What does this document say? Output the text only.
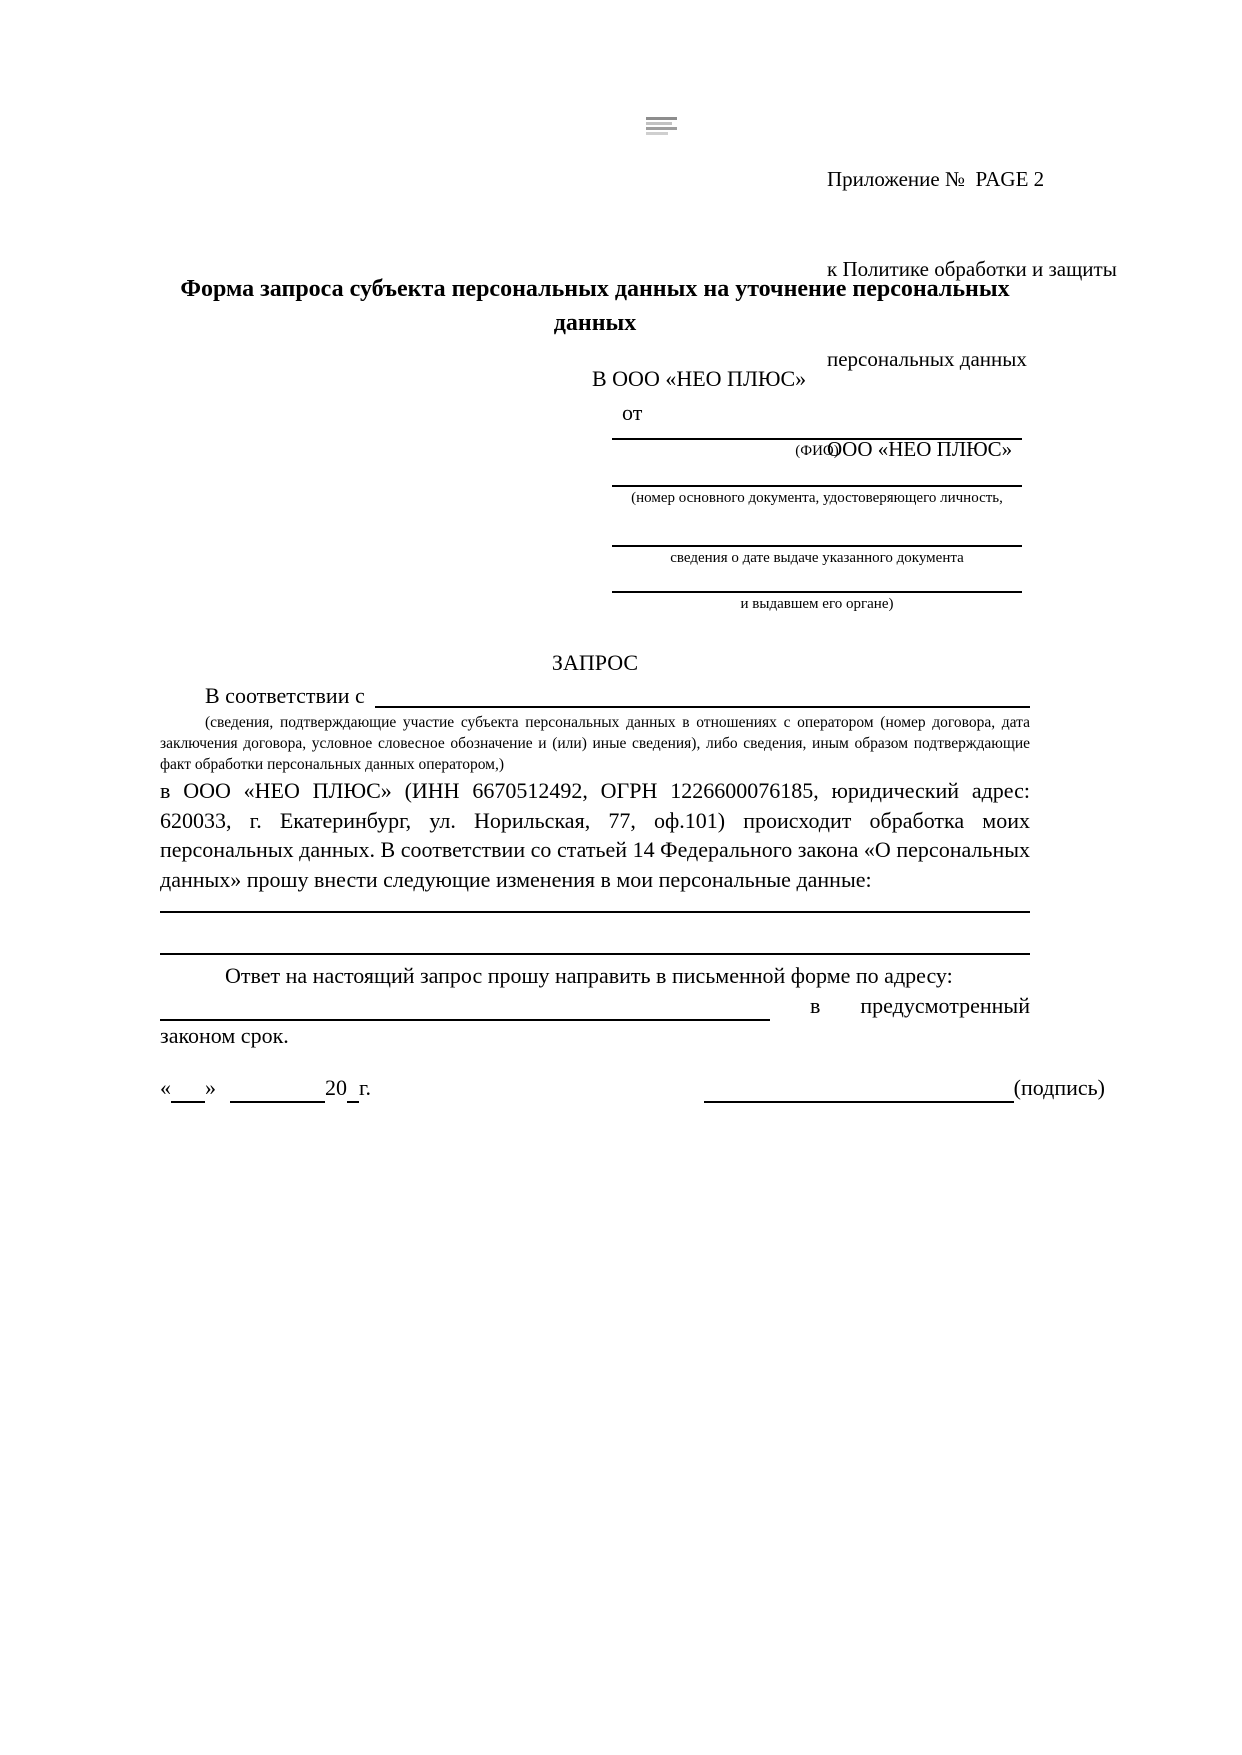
Приложение №  PAGE 2

к Политике обработки и защиты

персональных данных

ООО «НЕО ПЛЮС»

Форма запроса субъекта персональных данных на уточнение персональных данных
В ООО «НЕО ПЛЮС»
от
(ФИО)
(номер основного документа, удостоверяющего личность,
сведения о дате выдаче указанного документа
и выдавшем его органе)
ЗАПРОС
В соответствии с
(сведения, подтверждающие участие субъекта персональных данных в отношениях с оператором (номер договора, дата заключения договора, условное словесное обозначение и (или) иные сведения), либо сведения, иным образом подтверждающие факт обработки персональных данных оператором,)
в ООО «НЕО ПЛЮС» (ИНН 6670512492, ОГРН 1226600076185, юридический адрес: 620033, г. Екатеринбург, ул. Норильская, 77, оф.101) происходит обработка моих персональных данных. В соответствии со статьей 14 Федерального закона «О персональных данных» прошу внести следующие изменения в мои персональные данные:
Ответ на настоящий запрос прошу направить в письменной форме по адресу:
в предусмотренный
законом срок.
« »	20 г.	(подпись)
